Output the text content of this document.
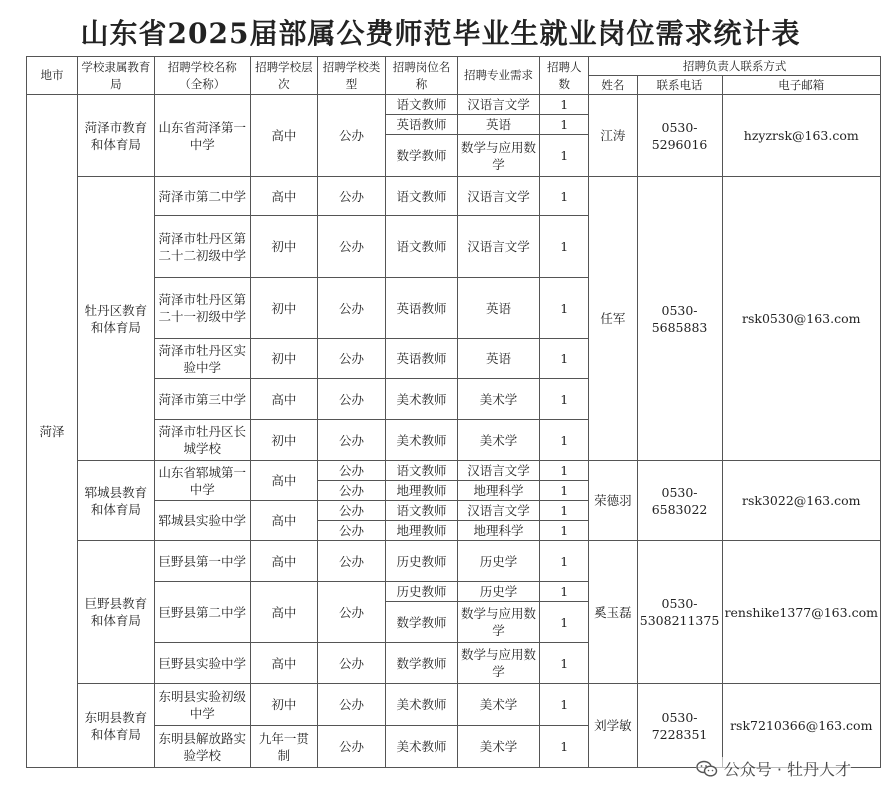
山东省2025届部属公费师范毕业生就业岗位需求统计表
地市	学校隶属教育局	招聘学校名称（全称）	招聘学校层次	招聘学校类型	招聘岗位名称	招聘专业需求	招聘人数	招聘负责人联系方式		
								姓名	联系电话	电子邮箱
菏泽	菏泽市教育和体育局	山东省菏泽第一中学	高中	公办	语文教师	汉语言文学	1	江涛	0530-5296016	hzyzrsk@163.com
					英语教师	英语	1			
					数学教师	数学与应用数学	1			
	牡丹区教育和体育局	菏泽市第二中学	高中	公办	语文教师	汉语言文学	1	任军	0530-5685883	rsk0530@163.com
		菏泽市牡丹区第二十二初级中学	初中	公办	语文教师	汉语言文学	1			
		菏泽市牡丹区第二十一初级中学	初中	公办	英语教师	英语	1			
		菏泽市牡丹区实验中学	初中	公办	英语教师	英语	1			
		菏泽市第三中学	高中	公办	美术教师	美术学	1			
		菏泽市牡丹区长城学校	初中	公办	美术教师	美术学	1			
	郓城县教育和体育局	山东省郓城第一中学	高中	公办	语文教师	汉语言文学	1	荣德羽	0530-6583022	rsk3022@163.com
				公办	地理教师	地理科学	1			
		郓城县实验中学	高中	公办	语文教师	汉语言文学	1			
				公办	地理教师	地理科学	1			
	巨野县教育和体育局	巨野县第一中学	高中	公办	历史教师	历史学	1	奚玉磊	0530-5308211375	renshike1377@163.com
		巨野县第二中学	高中	公办	历史教师	历史学	1			
					数学教师	数学与应用数学	1			
		巨野县实验中学	高中	公办	数学教师	数学与应用数学	1			
	东明县教育和体育局	东明县实验初级中学	初中	公办	美术教师	美术学	1	刘学敏	0530-7228351	rsk7210366@163.com
		东明县解放路实验学校	九年一贯制	公办	美术教师	美术学	1			
公众号 · 牡丹人才
